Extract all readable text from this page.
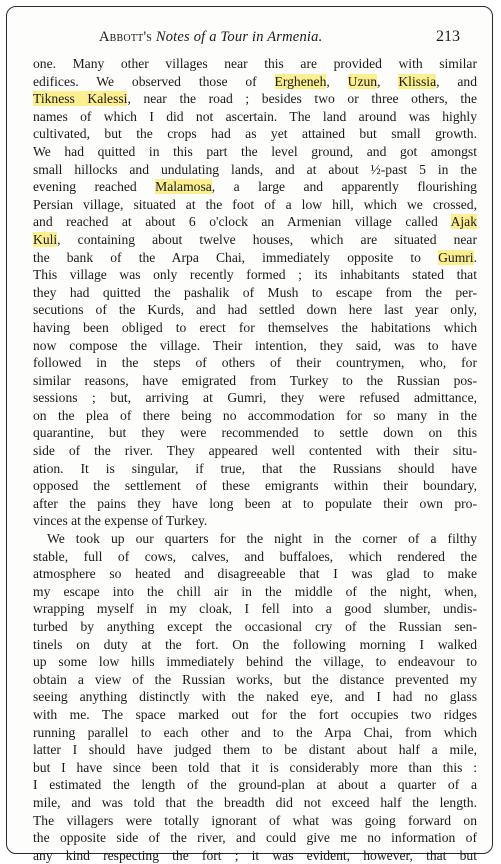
Abbott's Notes of a Tour in Armenia.	213
one. Many other villages near this are provided with similar
edifices. We observed those of Ergheneh, Uzun, Klissia, and
Tikness Kalessi, near the road ; besides two or three others, the
names of which I did not ascertain. The land around was highly
cultivated, but the crops had as yet attained but small growth.
We had quitted in this part the level ground, and got amongst
small hillocks and undulating lands, and at about ½-past 5 in the
evening reached Malamosa, a large and apparently flourishing
Persian village, situated at the foot of a low hill, which we crossed,
and reached at about 6 o'clock an Armenian village called Ajak
Kuli, containing about twelve houses, which are situated near
the bank of the Arpa Chai, immediately opposite to Gumri.
This village was only recently formed ; its inhabitants stated that
they had quitted the pashalik of Mush to escape from the per-
secutions of the Kurds, and had settled down here last year only,
having been obliged to erect for themselves the habitations which
now compose the village. Their intention, they said, was to have
followed in the steps of others of their countrymen, who, for
similar reasons, have emigrated from Turkey to the Russian pos-
sessions ; but, arriving at Gumri, they were refused admittance,
on the plea of there being no accommodation for so many in the
quarantine, but they were recommended to settle down on this
side of the river. They appeared well contented with their situ-
ation. It is singular, if true, that the Russians should have
opposed the settlement of these emigrants within their boundary,
after the pains they have long been at to populate their own pro-
vinces at the expense of Turkey.
We took up our quarters for the night in the corner of a filthy
stable, full of cows, calves, and buffaloes, which rendered the
atmosphere so heated and disagreeable that I was glad to make
my escape into the chill air in the middle of the night, when,
wrapping myself in my cloak, I fell into a good slumber, undis-
turbed by anything except the occasional cry of the Russian sen-
tinels on duty at the fort. On the following morning I walked
up some low hills immediately behind the village, to endeavour to
obtain a view of the Russian works, but the distance prevented my
seeing anything distinctly with the naked eye, and I had no glass
with me. The space marked out for the fort occupies two ridges
running parallel to each other and to the Arpa Chai, from which
latter I should have judged them to be distant about half a mile,
but I have since been told that it is considerably more than this :
I estimated the length of the ground-plan at about a quarter of a
mile, and was told that the breadth did not exceed half the length.
The villagers were totally ignorant of what was going forward on
the opposite side of the river, and could give me no information of
any kind respecting the fort ; it was evident, however, that but
